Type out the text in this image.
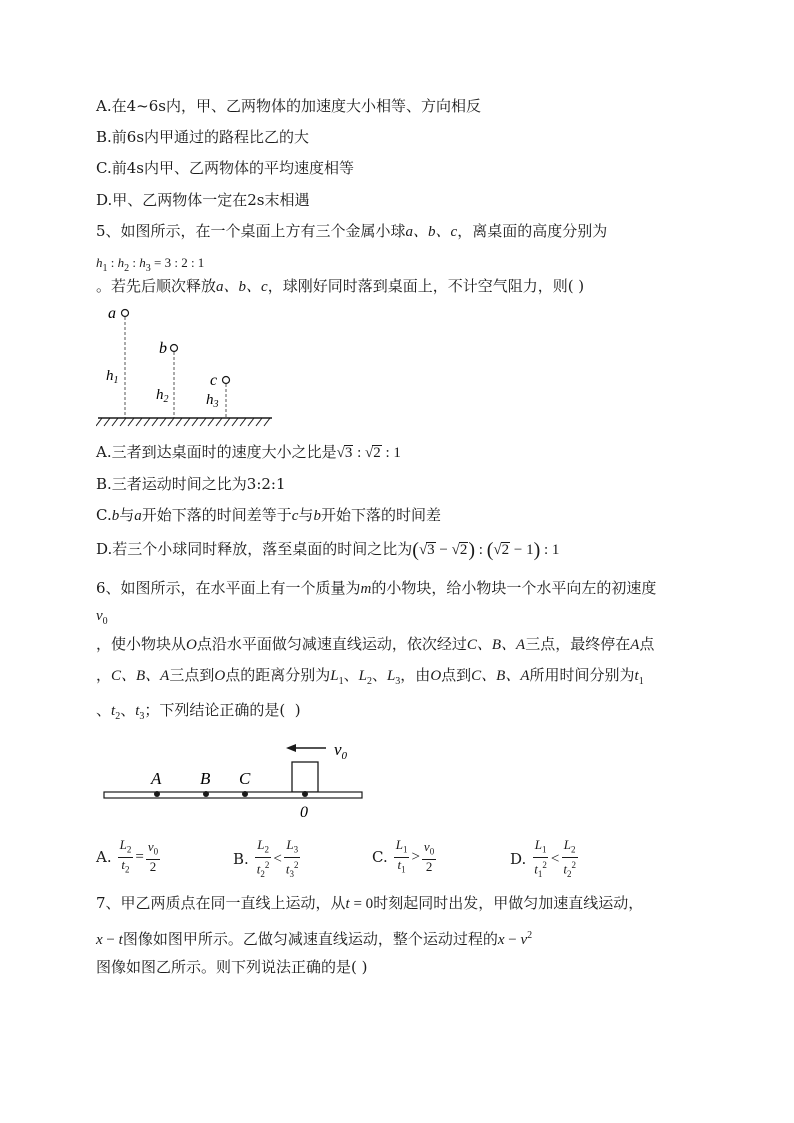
A.在4~6s内，甲、乙两物体的加速度大小相等、方向相反
B.前6s内甲通过的路程比乙的大
C.前4s内甲、乙两物体的平均速度相等
D.甲、乙两物体一定在2s末相遇
5、如图所示，在一个桌面上方有三个金属小球a、b、c，离桌面的高度分别为
$h_1$ : $h_2$ : $h_3 = 3$ : 2 : 1
。若先后顺次释放a、b、c，球刚好同时落到桌面上，不计空气阻力，则( )
a
$h_1$
b
$h_2$
c
$h_3$
A.三者到达桌面时的速度大小之比是√3 : √2 : 1
B.三者运动时间之比为3:2:1
C.b与a开始下落的时间差等于c与b开始下落的时间差
D.若三个小球同时释放，落至桌面的时间之比为(√3 − √2) : (√2 − 1) : 1
6、如图所示，在水平面上有一个质量为m的小物块，给小物块一个水平向左的初速度
$v_0$
，使小物块从O点沿水平面做匀减速直线运动，依次经过C、B、A三点，最终停在A点
，C、B、A三点到O点的距离分别为$L_1$、$L_2$、$L_3$，由O点到C、B、A所用时间分别为$t_1$
、$t_2$、$t_3$；下列结论正确的是(  )
$v_0$
A B C
0
A. $\frac{L_2}{t_2} = \frac{v_0}{2}$	B. $\frac{L_2}{t_2^2} < \frac{L_3}{t_3^2}$	C. $\frac{L_1}{t_1} > \frac{v_0}{2}$	D. $\frac{L_1}{t_1^2} < \frac{L_2}{t_2^2}$
7、甲乙两质点在同一直线上运动，从t = 0时刻起同时出发，甲做匀加速直线运动，
x − t图像如图甲所示。乙做匀减速直线运动，整个运动过程的$x - v^2$
图像如图乙所示。则下列说法正确的是( )
